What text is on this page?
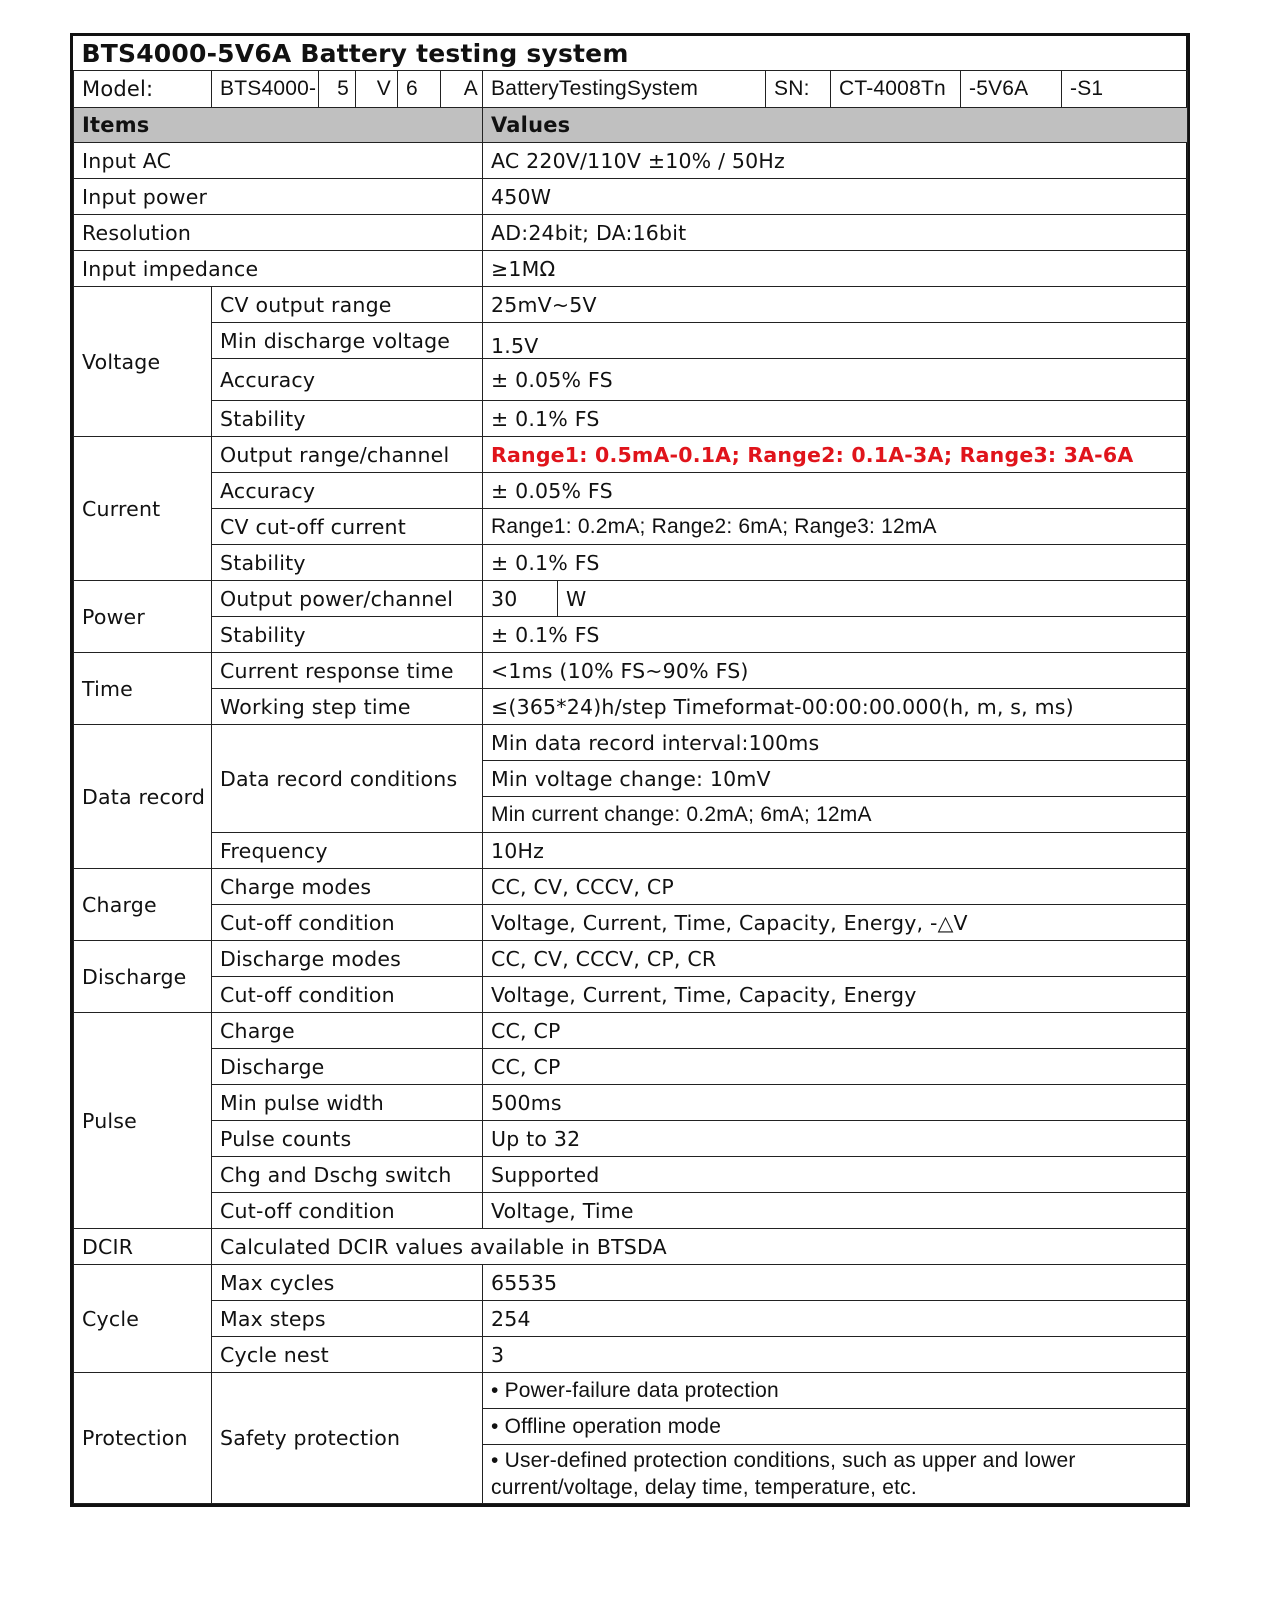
BTS4000-5V6A Battery testing system										
Model:	BTS4000-	5	V	6	A	BatteryTestingSystem	SN:	CT-4008Tn	-5V6A	-S1
Items						Values				
Input AC						AC 220V/110V ±10% / 50Hz				
Input power						450W				
Resolution						AD:24bit; DA:16bit				
Input impedance						≥1MΩ				
Voltage	CV output range					25mV~5V				
	Min discharge voltage					1.5V				
	Accuracy					± 0.05% FS				
	Stability					± 0.1% FS				
Current	Output range/channel					Range1: 0.5mA-0.1A; Range2: 0.1A-3A; Range3: 3A-6A				
	Accuracy					± 0.05% FS				
	CV cut-off current					Range1: 0.2mA; Range2: 6mA; Range3: 12mA				
	Stability					± 0.1% FS				
Power	Output power/channel					30 W				

	Stability					± 0.1% FS				
Time	Current response time					<1ms (10% FS~90% FS)				
	Working step time					≤(365*24)h/step Timeformat-00:00:00.000(h, m, s, ms)				
Data record	Data record conditions					Min data record interval:100ms				
						Min voltage change: 10mV				
						Min current change: 0.2mA; 6mA; 12mA				
	Frequency					10Hz				
Charge	Charge modes					CC, CV, CCCV, CP				
	Cut-off condition					Voltage, Current, Time, Capacity, Energy, -△V				
Discharge	Discharge modes					CC, CV, CCCV, CP, CR				
	Cut-off condition					Voltage, Current, Time, Capacity, Energy				
Pulse	Charge					CC, CP				
	Discharge					CC, CP				
	Min pulse width					500ms				
	Pulse counts					Up to 32				
	Chg and Dschg switch					Supported				
	Cut-off condition					Voltage, Time				
DCIR	Calculated DCIR values available in BTSDA									
Cycle	Max cycles					65535				
	Max steps					254				
	Cycle nest					3				
Protection	Safety protection					• Power-failure data protection				
						• Offline operation mode				
						• User-defined protection conditions, such as upper and lower current/voltage, delay time, temperature, etc.				
